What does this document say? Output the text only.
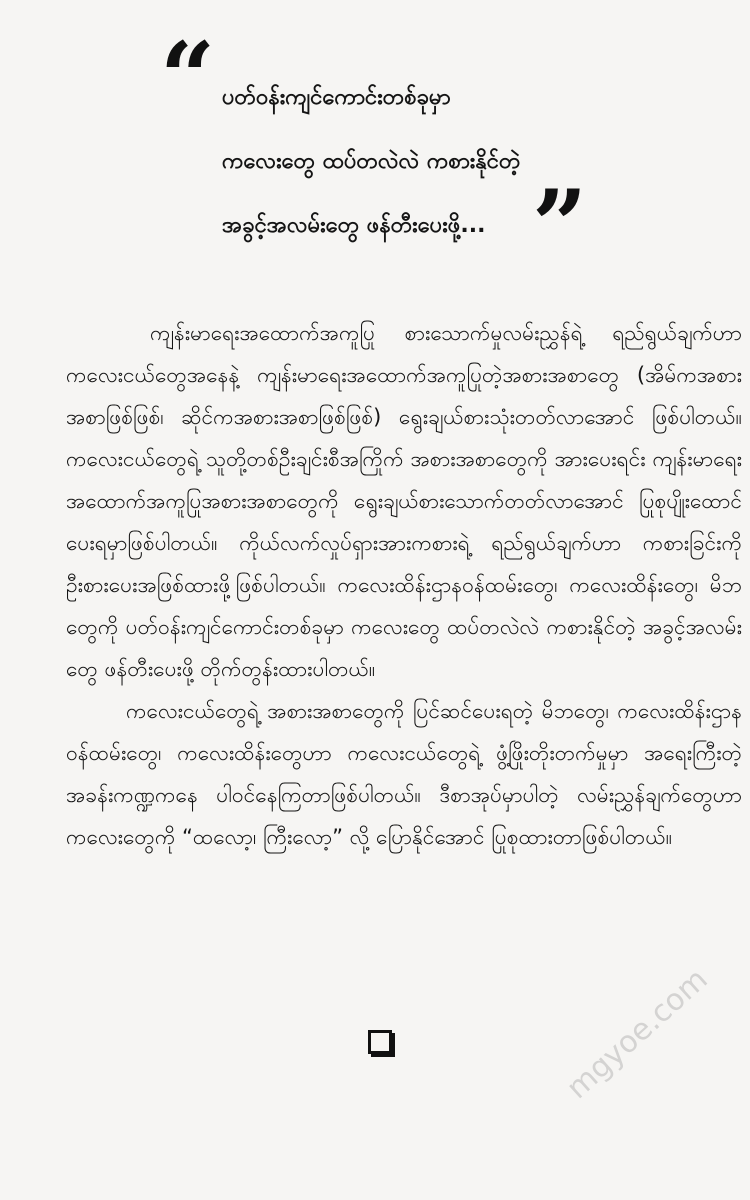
“ ပတ်ဝန်းကျင်ကောင်းတစ်ခုမှာ
ကလေးတွေ ထပ်တလဲလဲ ကစားနိုင်တဲ့
အခွင့်အလမ်းတွေ ဖန်တီးပေးဖို့... ”

ကျန်းမာရေးအထောက်အကူပြု စားသောက်မှုလမ်းညွှန်ရဲ့ ရည်ရွယ်ချက်ဟာ ကလေးငယ်တွေအနေနဲ့ ကျန်းမာရေးအထောက်အကူပြုတဲ့အစားအစာတွေ (အိမ်ကအစား အစာဖြစ်ဖြစ်၊ ဆိုင်ကအစားအစာဖြစ်ဖြစ်) ရွေးချယ်စားသုံးတတ်လာအောင် ဖြစ်ပါတယ်။ ကလေးငယ်တွေရဲ့ သူတို့တစ်ဦးချင်းစီအကြိုက် အစားအစာတွေကို အားပေးရင်း ကျန်းမာရေးအထောက်အကူပြုအစားအစာတွေကို ရွေးချယ်စားသောက်တတ်လာအောင် ပြုစုပျိုးထောင်ပေးရမှာဖြစ်ပါတယ်။ ကိုယ်လက်လှုပ်ရှားအားကစားရဲ့ ရည်ရွယ်ချက်ဟာ ကစားခြင်းကို ဦးစားပေးအဖြစ်ထားဖို့ဖြစ်ပါတယ်။ ကလေးထိန်းဌာနဝန်ထမ်းတွေ၊ ကလေးထိန်းတွေ၊ မိဘတွေကို ပတ်ဝန်းကျင်ကောင်းတစ်ခုမှာ ကလေးတွေ ထပ်တလဲလဲ ကစားနိုင်တဲ့ အခွင့်အလမ်းတွေ ဖန်တီးပေးဖို့ တိုက်တွန်းထားပါတယ်။

ကလေးငယ်တွေရဲ့ အစားအစာတွေကို ပြင်ဆင်ပေးရတဲ့ မိဘတွေ၊ ကလေးထိန်းဌာနဝန်ထမ်းတွေ၊ ကလေးထိန်းတွေဟာ ကလေးငယ်တွေရဲ့ ဖွံ့ဖြိုးတိုးတက်မှုမှာ အရေးကြီးတဲ့အခန်းကဏ္ဍကနေ ပါဝင်နေကြတာဖြစ်ပါတယ်။ ဒီစာအုပ်မှာပါတဲ့ လမ်းညွှန်ချက်တွေဟာ ကလေးတွေကို “ထလော့၊ ကြီးလော့” လို့ ပြောနိုင်အောင် ပြုစုထားတာဖြစ်ပါတယ်။

mgyoe.com
